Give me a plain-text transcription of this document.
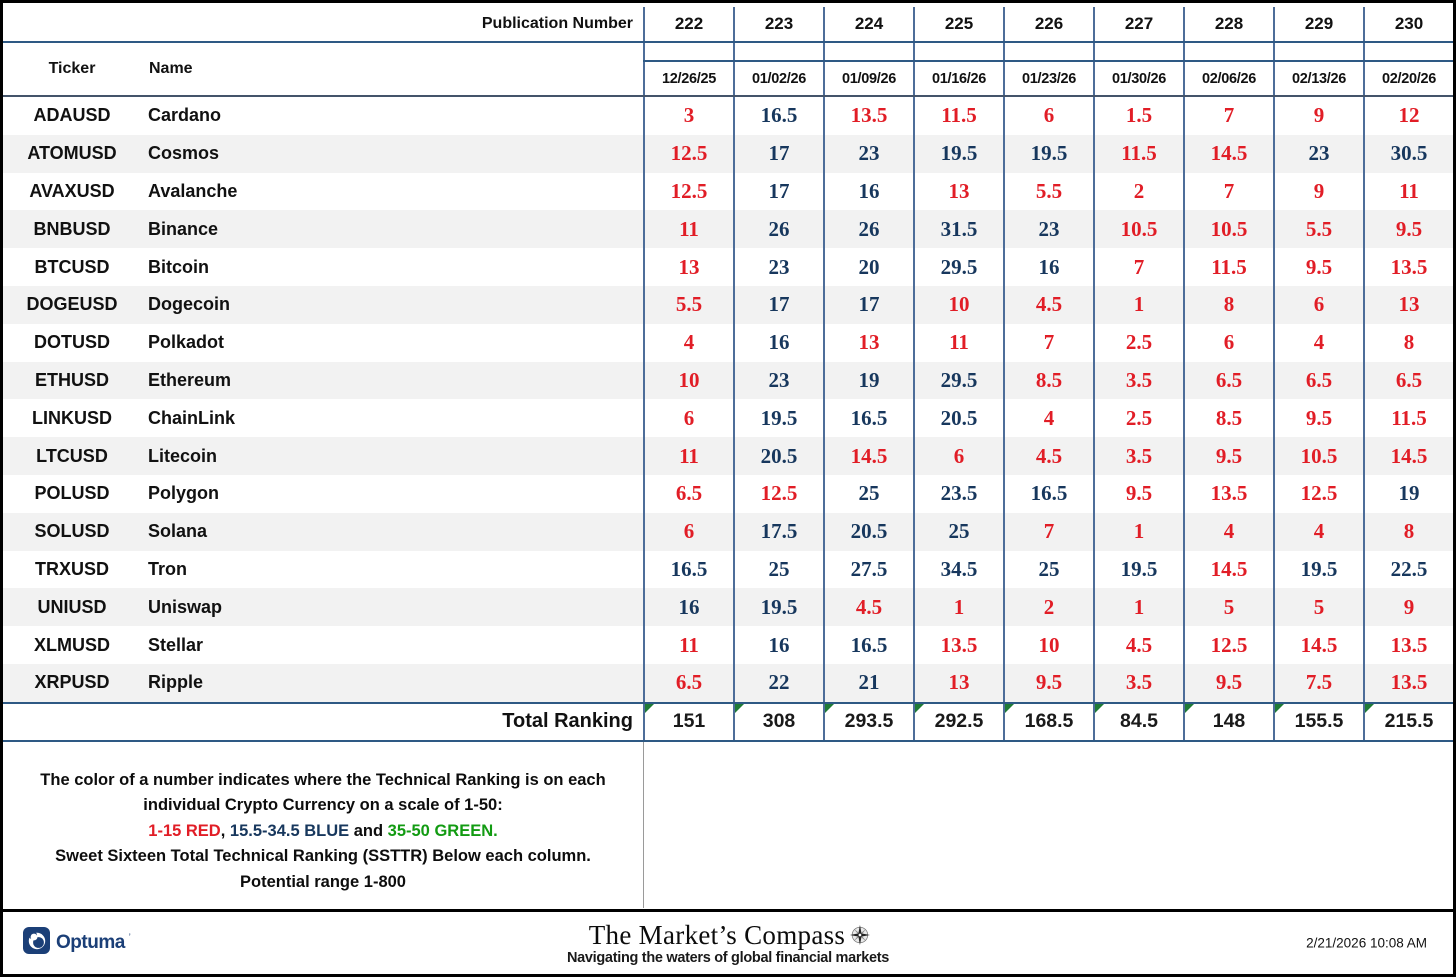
Publication Number	222	223	224	225	226	227	228	229	230
Ticker	Name
12/26/25	01/02/26	01/09/26	01/16/26	01/23/26	01/30/26	02/06/26	02/13/26	02/20/26
ADAUSD	Cardano	3	16.5	13.5	11.5	6	1.5	7	9	12
ATOMUSD	Cosmos	12.5	17	23	19.5	19.5	11.5	14.5	23	30.5
AVAXUSD	Avalanche	12.5	17	16	13	5.5	2	7	9	11
BNBUSD	Binance	11	26	26	31.5	23	10.5	10.5	5.5	9.5
BTCUSD	Bitcoin	13	23	20	29.5	16	7	11.5	9.5	13.5
DOGEUSD	Dogecoin	5.5	17	17	10	4.5	1	8	6	13
DOTUSD	Polkadot	4	16	13	11	7	2.5	6	4	8
ETHUSD	Ethereum	10	23	19	29.5	8.5	3.5	6.5	6.5	6.5
LINKUSD	ChainLink	6	19.5	16.5	20.5	4	2.5	8.5	9.5	11.5
LTCUSD	Litecoin	11	20.5	14.5	6	4.5	3.5	9.5	10.5	14.5
POLUSD	Polygon	6.5	12.5	25	23.5	16.5	9.5	13.5	12.5	19
SOLUSD	Solana	6	17.5	20.5	25	7	1	4	4	8
TRXUSD	Tron	16.5	25	27.5	34.5	25	19.5	14.5	19.5	22.5
UNIUSD	Uniswap	16	19.5	4.5	1	2	1	5	5	9
XLMUSD	Stellar	11	16	16.5	13.5	10	4.5	12.5	14.5	13.5
XRPUSD	Ripple	6.5	22	21	13	9.5	3.5	9.5	7.5	13.5
Total Ranking	151	308	293.5	292.5	168.5	84.5	148	155.5	215.5
The color of a number indicates where the Technical Ranking is on each individual Crypto Currency on a scale of 1-50:
1-15 RED, 15.5-34.5 BLUE and 35-50 GREEN.
Sweet Sixteen Total Technical Ranking (SSTTR) Below each column.
Potential range 1-800
Optuma ’	The Market’s Compass
Navigating the waters of global financial markets
2/21/2026 10:08 AM
